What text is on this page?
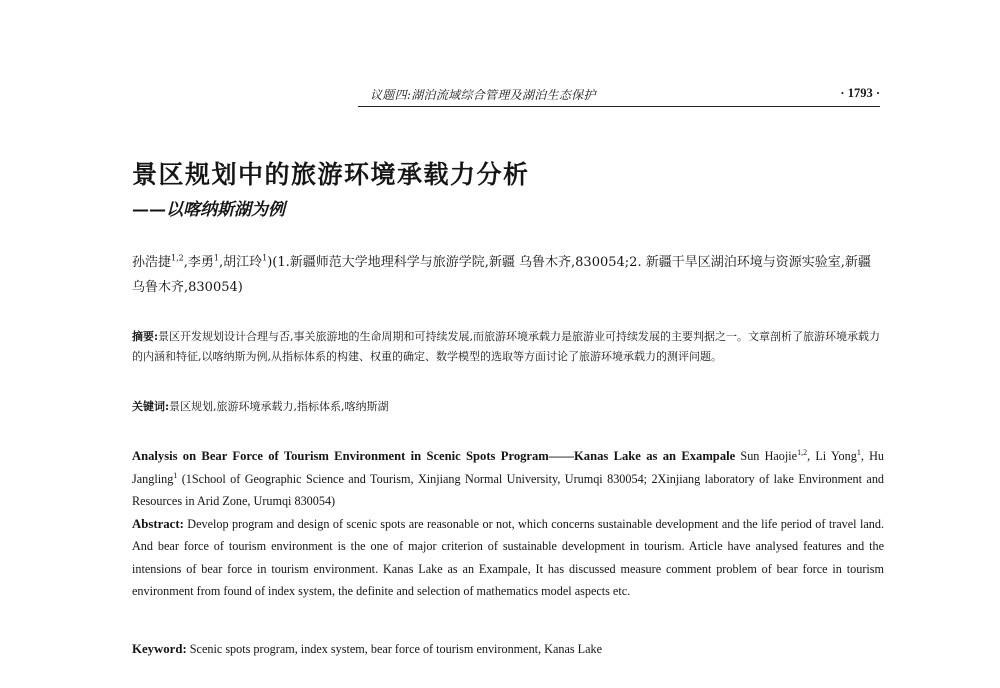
议题四:湖泊流域综合管理及湖泊生态保护	· 1793 ·
景区规划中的旅游环境承载力分析
——以喀纳斯湖为例
孙浩捷$^{1,2}$,李勇$^1$,胡江玲$^1$)(1.新疆师范大学地理科学与旅游学院,新疆 乌鲁木齐,830054;2. 新疆干旱区湖泊环境与资源实验室,新疆 乌鲁木齐,830054)
摘要:景区开发规划设计合理与否,事关旅游地的生命周期和可持续发展,而旅游环境承载力是旅游业可持续发展的主要判据之一。文章剖析了旅游环境承载力的内涵和特征,以喀纳斯为例,从指标体系的构建、权重的确定、数学模型的选取等方面讨论了旅游环境承载力的测评问题。
关键词:景区规划,旅游环境承载力,指标体系,喀纳斯湖
Analysis on Bear Force of Tourism Environment in Scenic Spots Program——Kanas Lake as an Exampale Sun Haojie$^{1,2}$, Li Yong$^1$, Hu Jangling$^1$ (1School of Geographic Science and Tourism, Xinjiang Normal University, Urumqi 830054; 2Xinjiang laboratory of lake Environment and Resources in Arid Zone, Urumqi 830054)
Abstract: Develop program and design of scenic spots are reasonable or not, which concerns sustainable development and the life period of travel land. And bear force of tourism environment is the one of major criterion of sustainable development in tourism. Article have analysed features and the intensions of bear force in tourism environment. Kanas Lake as an Exampale, It has discussed measure comment problem of bear force in tourism environment from found of index system, the definite and selection of mathematics model aspects etc.
Keyword: Scenic spots program, index system, bear force of tourism environment, Kanas Lake
